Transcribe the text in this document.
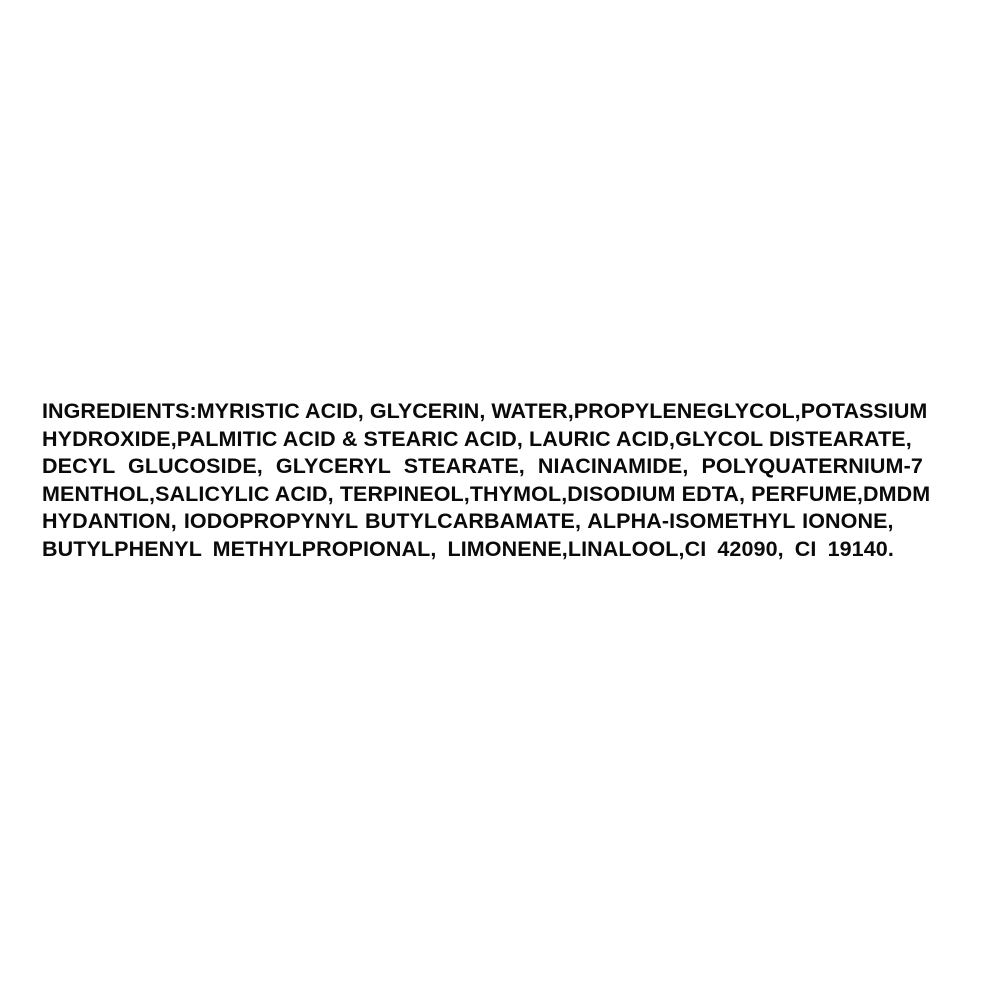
INGREDIENTS:MYRISTIC ACID, GLYCERIN, WATER,PROPYLENEGLYCOL,POTASSIUM
HYDROXIDE,PALMITIC ACID & STEARIC ACID, LAURIC ACID,GLYCOL DISTEARATE,
DECYL GLUCOSIDE, GLYCERYL STEARATE, NIACINAMIDE, POLYQUATERNIUM-7
MENTHOL,SALICYLIC ACID, TERPINEOL,THYMOL,DISODIUM EDTA, PERFUME,DMDM
HYDANTION, IODOPROPYNYL BUTYLCARBAMATE, ALPHA-ISOMETHYL IONONE,
BUTYLPHENYL METHYLPROPIONAL, LIMONENE,LINALOOL,CI 42090, CI 19140.
